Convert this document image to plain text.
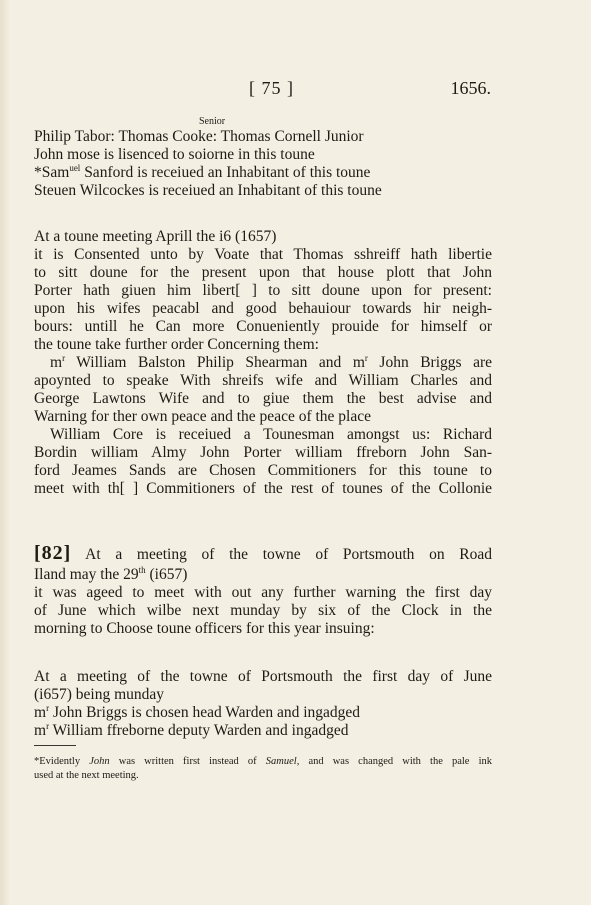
[ 75 ]	1656.
Senior
Philip Tabor: Thomas Cooke: Thomas Cornell Junior
John mose is lisenced to soiorne in this toune
*Sam$^{uel}$ Sanford is receiued an Inhabitant of this toune
Steuen Wilcockes is receiued an Inhabitant of this toune
At a toune meeting Aprill the i6 (1657)
it is Consented unto by Voate that Thomas sshreiff hath libertie
to sitt doune for the present upon that house plott that John
Porter hath giuen him libert[ ] to sitt doune upon for present:
upon his wifes peacabl and good behauiour towards hir neigh-
bours: untill he Can more Conueniently prouide for himself or
the toune take further order Concerning them:
$m^r$ William Balston Philip Shearman and $m^r$ John Briggs are
apoynted to speake With shreifs wife and William Charles and
George Lawtons Wife and to giue them the best advise and
Warning for ther own peace and the peace of the place
William Core is receiued a Tounesman amongst us: Richard
Bordin william Almy John Porter william ffreborn John San-
ford Jeames Sands are Chosen Commitioners for this toune to
meet with th[ ] Commitioners of the rest of tounes of the Collonie
[82] At a meeting of the towne of Portsmouth on Road
Iland may the 29th (i657)
it was ageed to meet with out any further warning the first day
of June which wilbe next munday by six of the Clock in the
morning to Choose toune officers for this year insuing:
At a meeting of the towne of Portsmouth the first day of June
(i657) being munday
$m^r$ John Briggs is chosen head Warden and ingadged
$m^r$ William ffreborne deputy Warden and ingadged
*Evidently John was written first instead of Samuel, and was changed with the pale ink
used at the next meeting.
